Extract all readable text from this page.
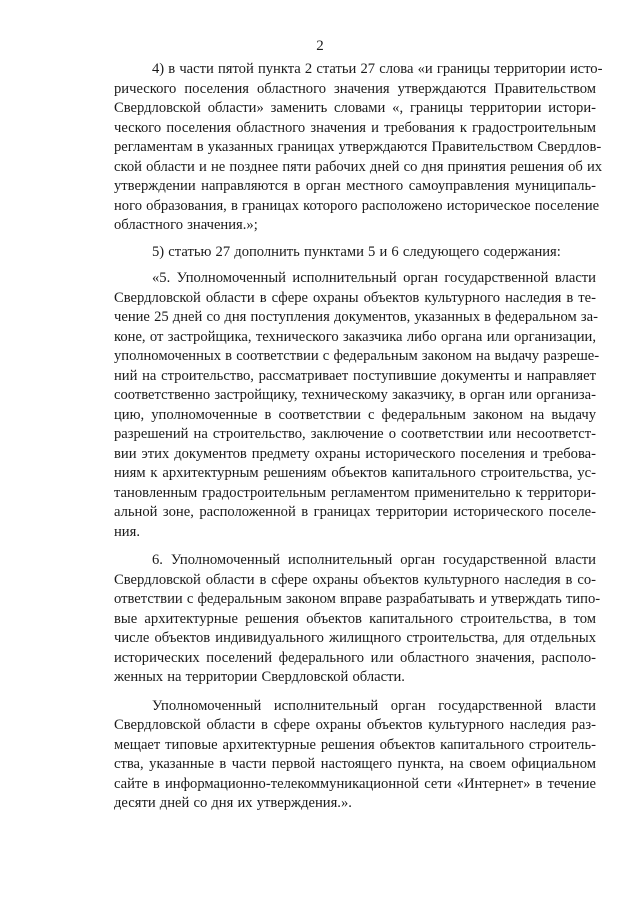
2
4) в части пятой пункта 2 статьи 27 слова «и границы территории исто-
рического поселения областного значения утверждаются Правительством
Свердловской области» заменить словами «, границы территории истори-
ческого поселения областного значения и требования к градостроительным
регламентам в указанных границах утверждаются Правительством Свердлов-
ской области и не позднее пяти рабочих дней со дня принятия решения об их
утверждении направляются в орган местного самоуправления муниципаль-
ного образования, в границах которого расположено историческое поселение
областного значения.»;
5) статью 27 дополнить пунктами 5 и 6 следующего содержания:
«5. Уполномоченный исполнительный орган государственной власти
Свердловской области в сфере охраны объектов культурного наследия в те-
чение 25 дней со дня поступления документов, указанных в федеральном за-
коне, от застройщика, технического заказчика либо органа или организации,
уполномоченных в соответствии с федеральным законом на выдачу разреше-
ний на строительство, рассматривает поступившие документы и направляет
соответственно застройщику, техническому заказчику, в орган или организа-
цию, уполномоченные в соответствии с федеральным законом на выдачу
разрешений на строительство, заключение о соответствии или несоответст-
вии этих документов предмету охраны исторического поселения и требова-
ниям к архитектурным решениям объектов капитального строительства, ус-
тановленным градостроительным регламентом применительно к территори-
альной зоне, расположенной в границах территории исторического поселе-
ния.
6. Уполномоченный исполнительный орган государственной власти
Свердловской области в сфере охраны объектов культурного наследия в со-
ответствии с федеральным законом вправе разрабатывать и утверждать типо-
вые архитектурные решения объектов капитального строительства, в том
числе объектов индивидуального жилищного строительства, для отдельных
исторических поселений федерального или областного значения, располо-
женных на территории Свердловской области.
Уполномоченный исполнительный орган государственной власти
Свердловской области в сфере охраны объектов культурного наследия раз-
мещает типовые архитектурные решения объектов капитального строитель-
ства, указанные в части первой настоящего пункта, на своем официальном
сайте в информационно-телекоммуникационной сети «Интернет» в течение
десяти дней со дня их утверждения.».
